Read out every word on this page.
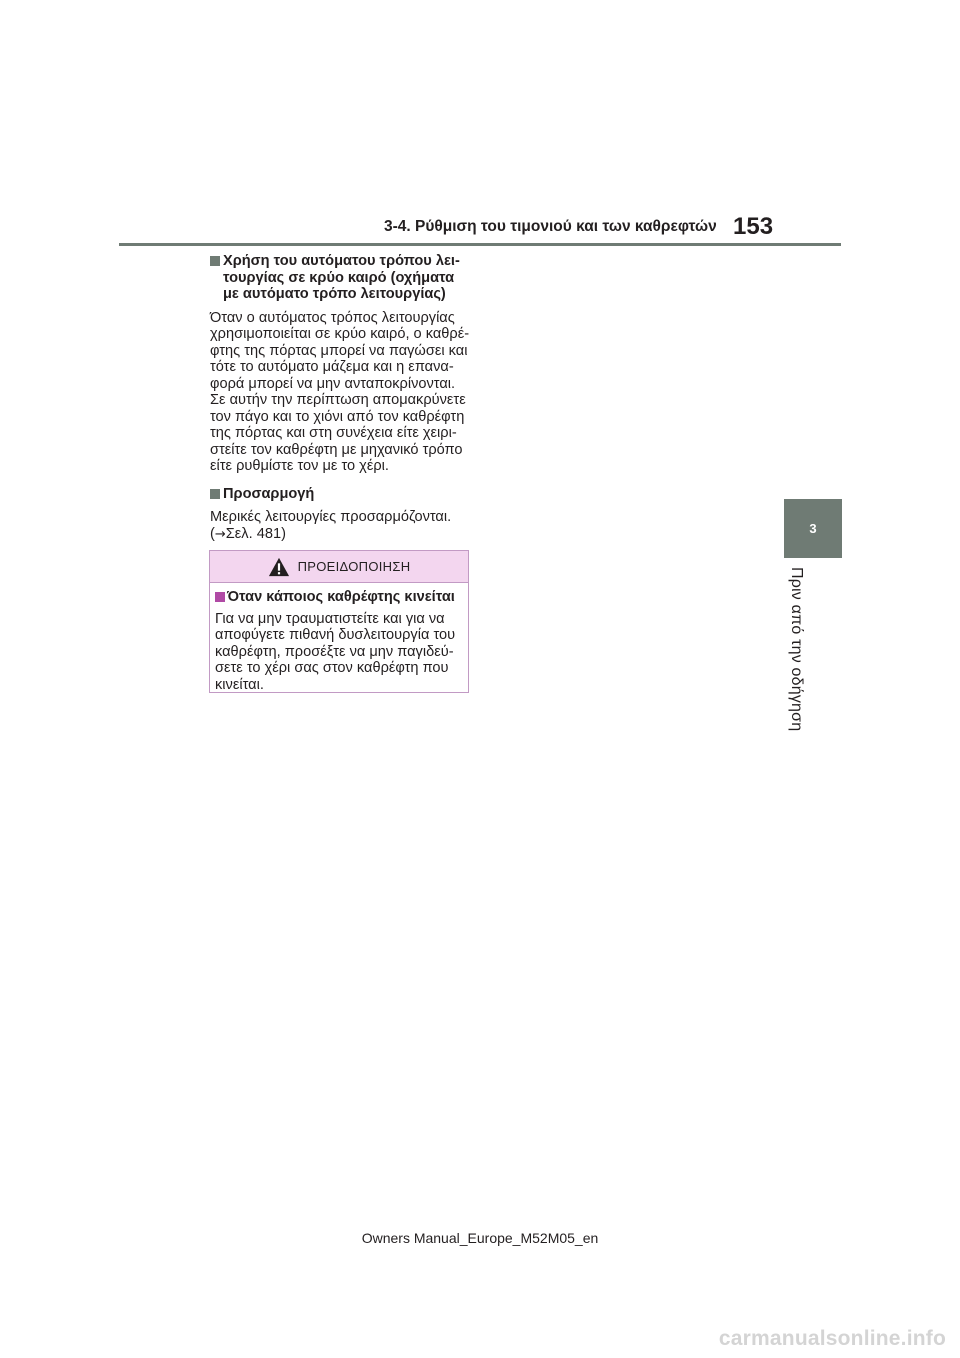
3-4. Ρύθμιση του τιμονιού και των καθρεφτών 153
3
Πριν από την οδήγηση
Χρήση του αυτόματου τρόπου λει-
τουργίας σε κρύο καιρό (οχήματα
με αυτόματο τρόπο λειτουργίας)
Όταν ο αυτόματος τρόπος λειτουργίας
χρησιμοποιείται σε κρύο καιρό, ο καθρέ-
φτης της πόρτας μπορεί να παγώσει και
τότε το αυτόματο μάζεμα και η επανα-
φορά μπορεί να μην ανταποκρίνονται.
Σε αυτήν την περίπτωση απομακρύνετε
τον πάγο και το χιόνι από τον καθρέφτη
της πόρτας και στη συνέχεια είτε χειρι-
στείτε τον καθρέφτη με μηχανικό τρόπο
είτε ρυθμίστε τον με το χέρι.
Προσαρμογή
Μερικές λειτουργίες προσαρμόζονται.
(→Σελ. 481)
ΠΡΟΕΙΔΟΠΟΙΗΣΗ
Όταν κάποιος καθρέφτης κινείται
Για να μην τραυματιστείτε και για να
αποφύγετε πιθανή δυσλειτουργία του
καθρέφτη, προσέξτε να μην παγιδεύ-
σετε το χέρι σας στον καθρέφτη που
κινείται.
Owners Manual_Europe_M52M05_en
carmanualsonline.info
